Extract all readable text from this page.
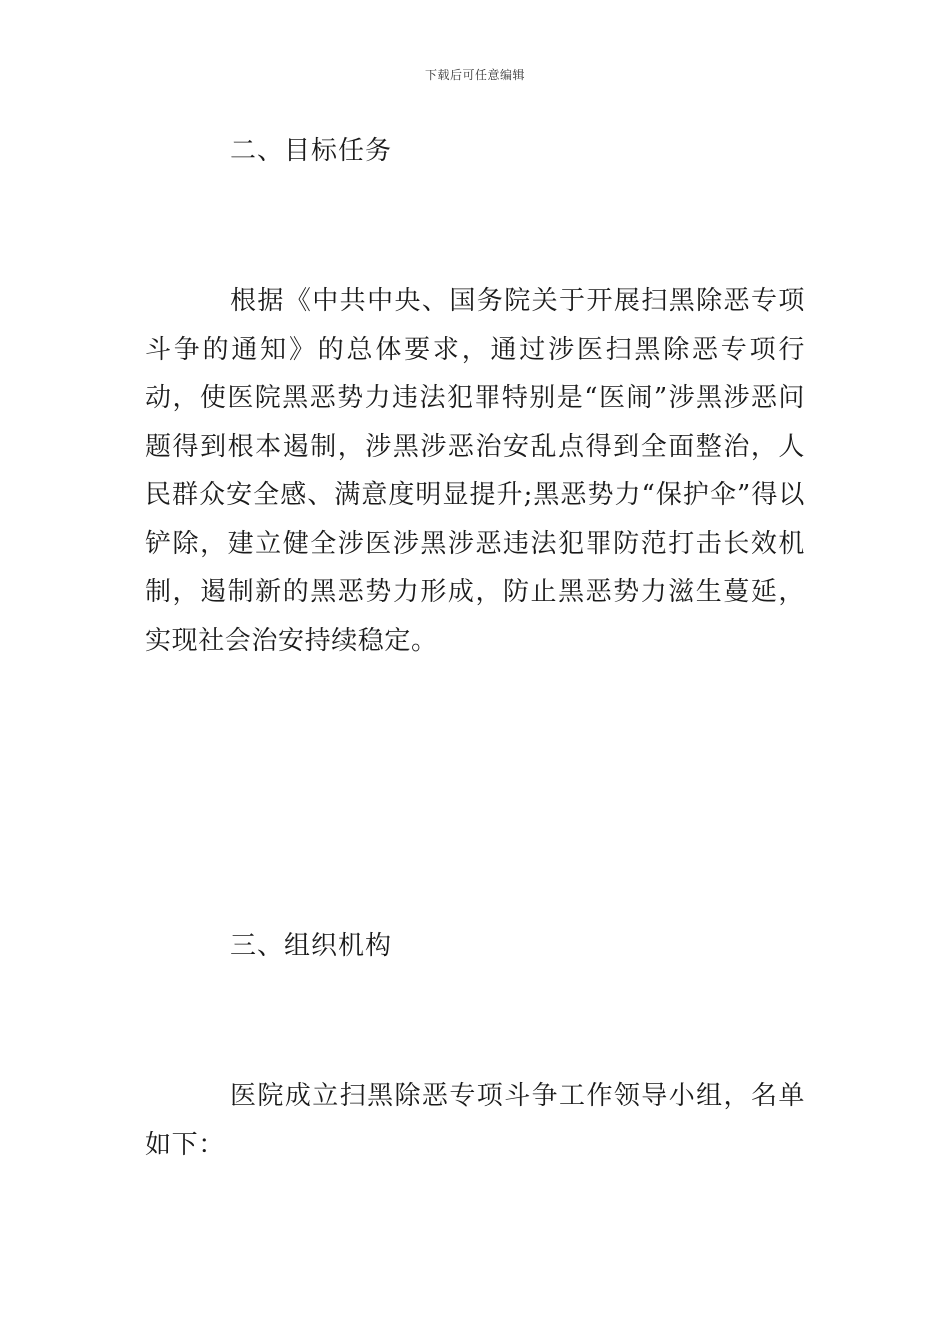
下载后可任意编辑
二、目标任务
根据《中共中央、国务院关于开展扫黑除恶专项斗争的通知》的总体要求，通过涉医扫黑除恶专项行动，使医院黑恶势力违法犯罪特别是“医闹”涉黑涉恶问题得到根本遏制，涉黑涉恶治安乱点得到全面整治，人民群众安全感、满意度明显提升;黑恶势力“保护伞”得以铲除，建立健全涉医涉黑涉恶违法犯罪防范打击长效机制，遏制新的黑恶势力形成，防止黑恶势力滋生蔓延，实现社会治安持续稳定。
三、组织机构
医院成立扫黑除恶专项斗争工作领导小组，名单如下：
